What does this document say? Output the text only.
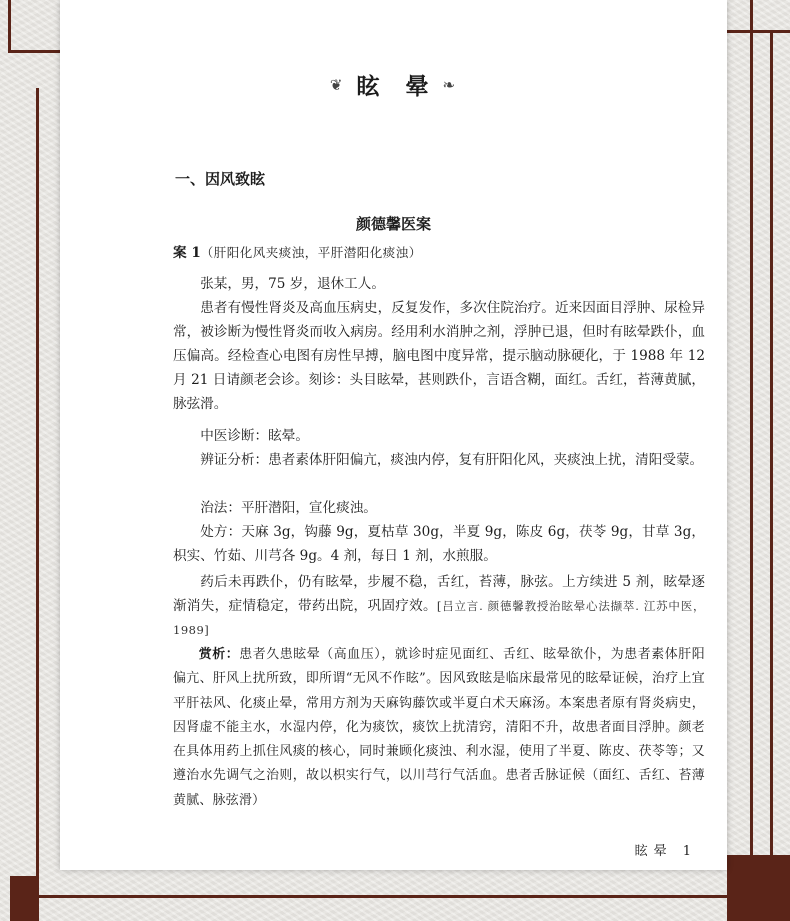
❦ 眩 晕 ❧
一、因风致眩
颜德馨医案
案 1（肝阳化风夹痰浊，平肝潜阳化痰浊）
张某，男，75 岁，退休工人。
患者有慢性肾炎及高血压病史，反复发作，多次住院治疗。近来因面目浮肿、尿检异常，被诊断为慢性肾炎而收入病房。经用利水消肿之剂，浮肿已退，但时有眩晕跌仆，血压偏高。经检查心电图有房性早搏，脑电图中度异常，提示脑动脉硬化，于 1988 年 12 月 21 日请颜老会诊。刻诊：头目眩晕，甚则跌仆，言语含糊，面红。舌红，苔薄黄腻，脉弦滑。
中医诊断：眩晕。
辨证分析：患者素体肝阳偏亢，痰浊内停，复有肝阳化风，夹痰浊上扰，清阳受蒙。
治法：平肝潜阳，宣化痰浊。
处方：天麻 3g，钩藤 9g，夏枯草 30g，半夏 9g，陈皮 6g，茯苓 9g，甘草 3g，枳实、竹茹、川芎各 9g。4 剂，每日 1 剂，水煎服。
药后未再跌仆，仍有眩晕，步履不稳，舌红，苔薄，脉弦。上方续进 5 剂，眩晕逐渐消失，症情稳定，带药出院，巩固疗效。[吕立言. 颜德馨教授治眩晕心法撷萃. 江苏中医，1989]
赏析：患者久患眩晕（高血压），就诊时症见面红、舌红、眩晕欲仆，为患者素体肝阳偏亢、肝风上扰所致，即所谓“无风不作眩”。因风致眩是临床最常见的眩晕证候，治疗上宜平肝祛风、化痰止晕，常用方剂为天麻钩藤饮或半夏白术天麻汤。本案患者原有肾炎病史，因肾虚不能主水，水湿内停，化为痰饮，痰饮上扰清窍，清阳不升，故患者面目浮肿。颜老在具体用药上抓住风痰的核心，同时兼顾化痰浊、利水湿，使用了半夏、陈皮、茯苓等；又遵治水先调气之治则，故以枳实行气，以川芎行气活血。患者舌脉证候（面红、舌红、苔薄黄腻、脉弦滑）
眩晕 1
